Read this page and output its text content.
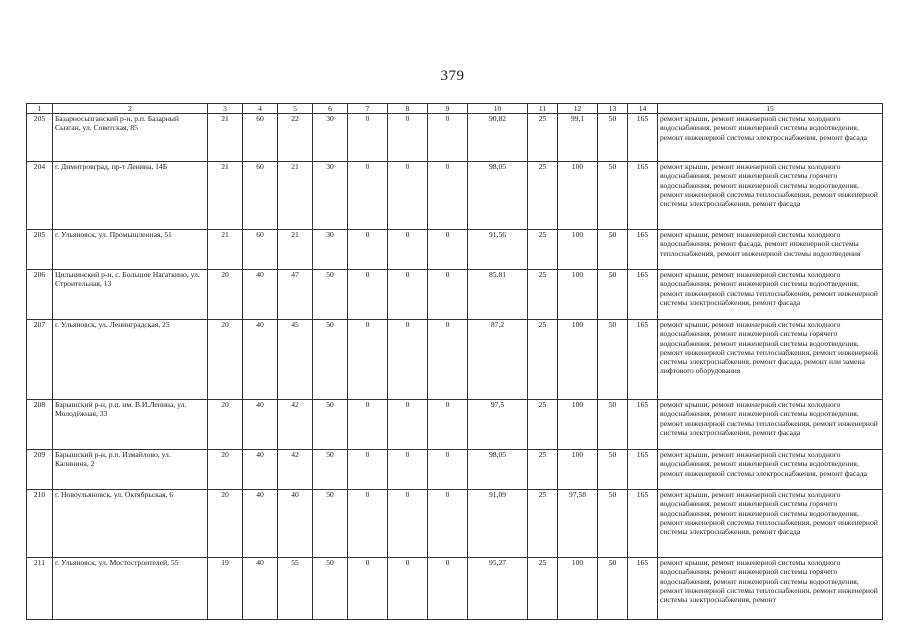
379
1	2	3	4	5	6	7	8	9	10	11	12	13	14	15
205	Базарносызганский р-н, р.п. Базарный Сызган, ул. Советская, 85	21	60	22	30	0	0	0	90,82	25	99,1	50	165	ремонт крыши, ремонт инженерной системы холодного водоснабжения, ремонт инженерной системы водоотведения, ремонт инженерной системы электроснабжения, ремонт фасада
204	г. Димитровград, пр-т Ленина, 14Б	21	60	21	30	0	0	0	98,05	25	100	50	165	ремонт крыши, ремонт инженерной системы холодного водоснабжения, ремонт инженерной системы горячего водоснабжения, ремонт инженерной системы водоотведения, ремонт инженерной системы теплоснабжения, ремонт инженерной системы электроснабжения, ремонт фасада
205	г. Ульяновск, ул. Промышленная, 51	21	60	21	30	0	0	0	91,56	25	100	50	165	ремонт крыши, ремонт инженерной системы холодного водоснабжения, ремонт фасада, ремонт инженерной системы теплоснабжения, ремонт инженерной системы водоотведения
206	Цильнинский р-н, с. Большое Нагаткино, ул. Строительная, 13	20	40	47	50	0	0	0	85,81	25	100	50	165	ремонт крыши, ремонт инженерной системы холодного водоснабжения, ремонт инженерной системы водоотведения, ремонт инженерной системы теплоснабжения, ремонт инженерной системы электроснабжения, ремонт фасада
207	г. Ульяновск, ул. Ленинградская, 25	20	40	45	50	0	0	0	87,2	25	100	50	165	ремонт крыши, ремонт инженерной системы холодного водоснабжения, ремонт инженерной системы горячего водоснабжения, ремонт инженерной системы водоотведения, ремонт инженерной системы теплоснабжения, ремонт инженерной системы электроснабжения, ремонт фасада, ремонт или замена лифтового оборудования
208	Барышский р-н, р.п. им. В.И.Ленина, ул. Молодёжная, 33	20	40	42	50	0	0	0	97,5	25	100	50	165	ремонт крыши, ремонт инженерной системы холодного водоснабжения, ремонт инженерной системы водоотведения, ремонт инженерной системы теплоснабжения, ремонт инженерной системы электроснабжения, ремонт фасада
209	Барышский р-н, р.п. Измайлово, ул. Калинина, 2	20	40	42	50	0	0	0	98,05	25	100	50	165	ремонт крыши, ремонт инженерной системы холодного водоснабжения, ремонт инженерной системы водоотведения, ремонт инженерной системы электроснабжения, ремонт фасада
210	г. Новоульяновск, ул. Октябрьская, 6	20	40	40	50	0	0	0	91,09	25	97,58	50	165	ремонт крыши, ремонт инженерной системы холодного водоснабжения, ремонт инженерной системы горячего водоснабжения, ремонт инженерной системы водоотведения, ремонт инженерной системы теплоснабжения, ремонт инженерной системы электроснабжения, ремонт фасада
211	г. Ульяновск, ул. Мостостроителей, 55	19	40	55	50	0	0	0	95,27	25	100	50	165	ремонт крыши, ремонт инженерной системы холодного водоснабжения, ремонт инженерной системы горячего водоснабжения, ремонт инженерной системы водоотведения, ремонт инженерной системы теплоснабжения, ремонт инженерной системы электроснабжения, ремонт
